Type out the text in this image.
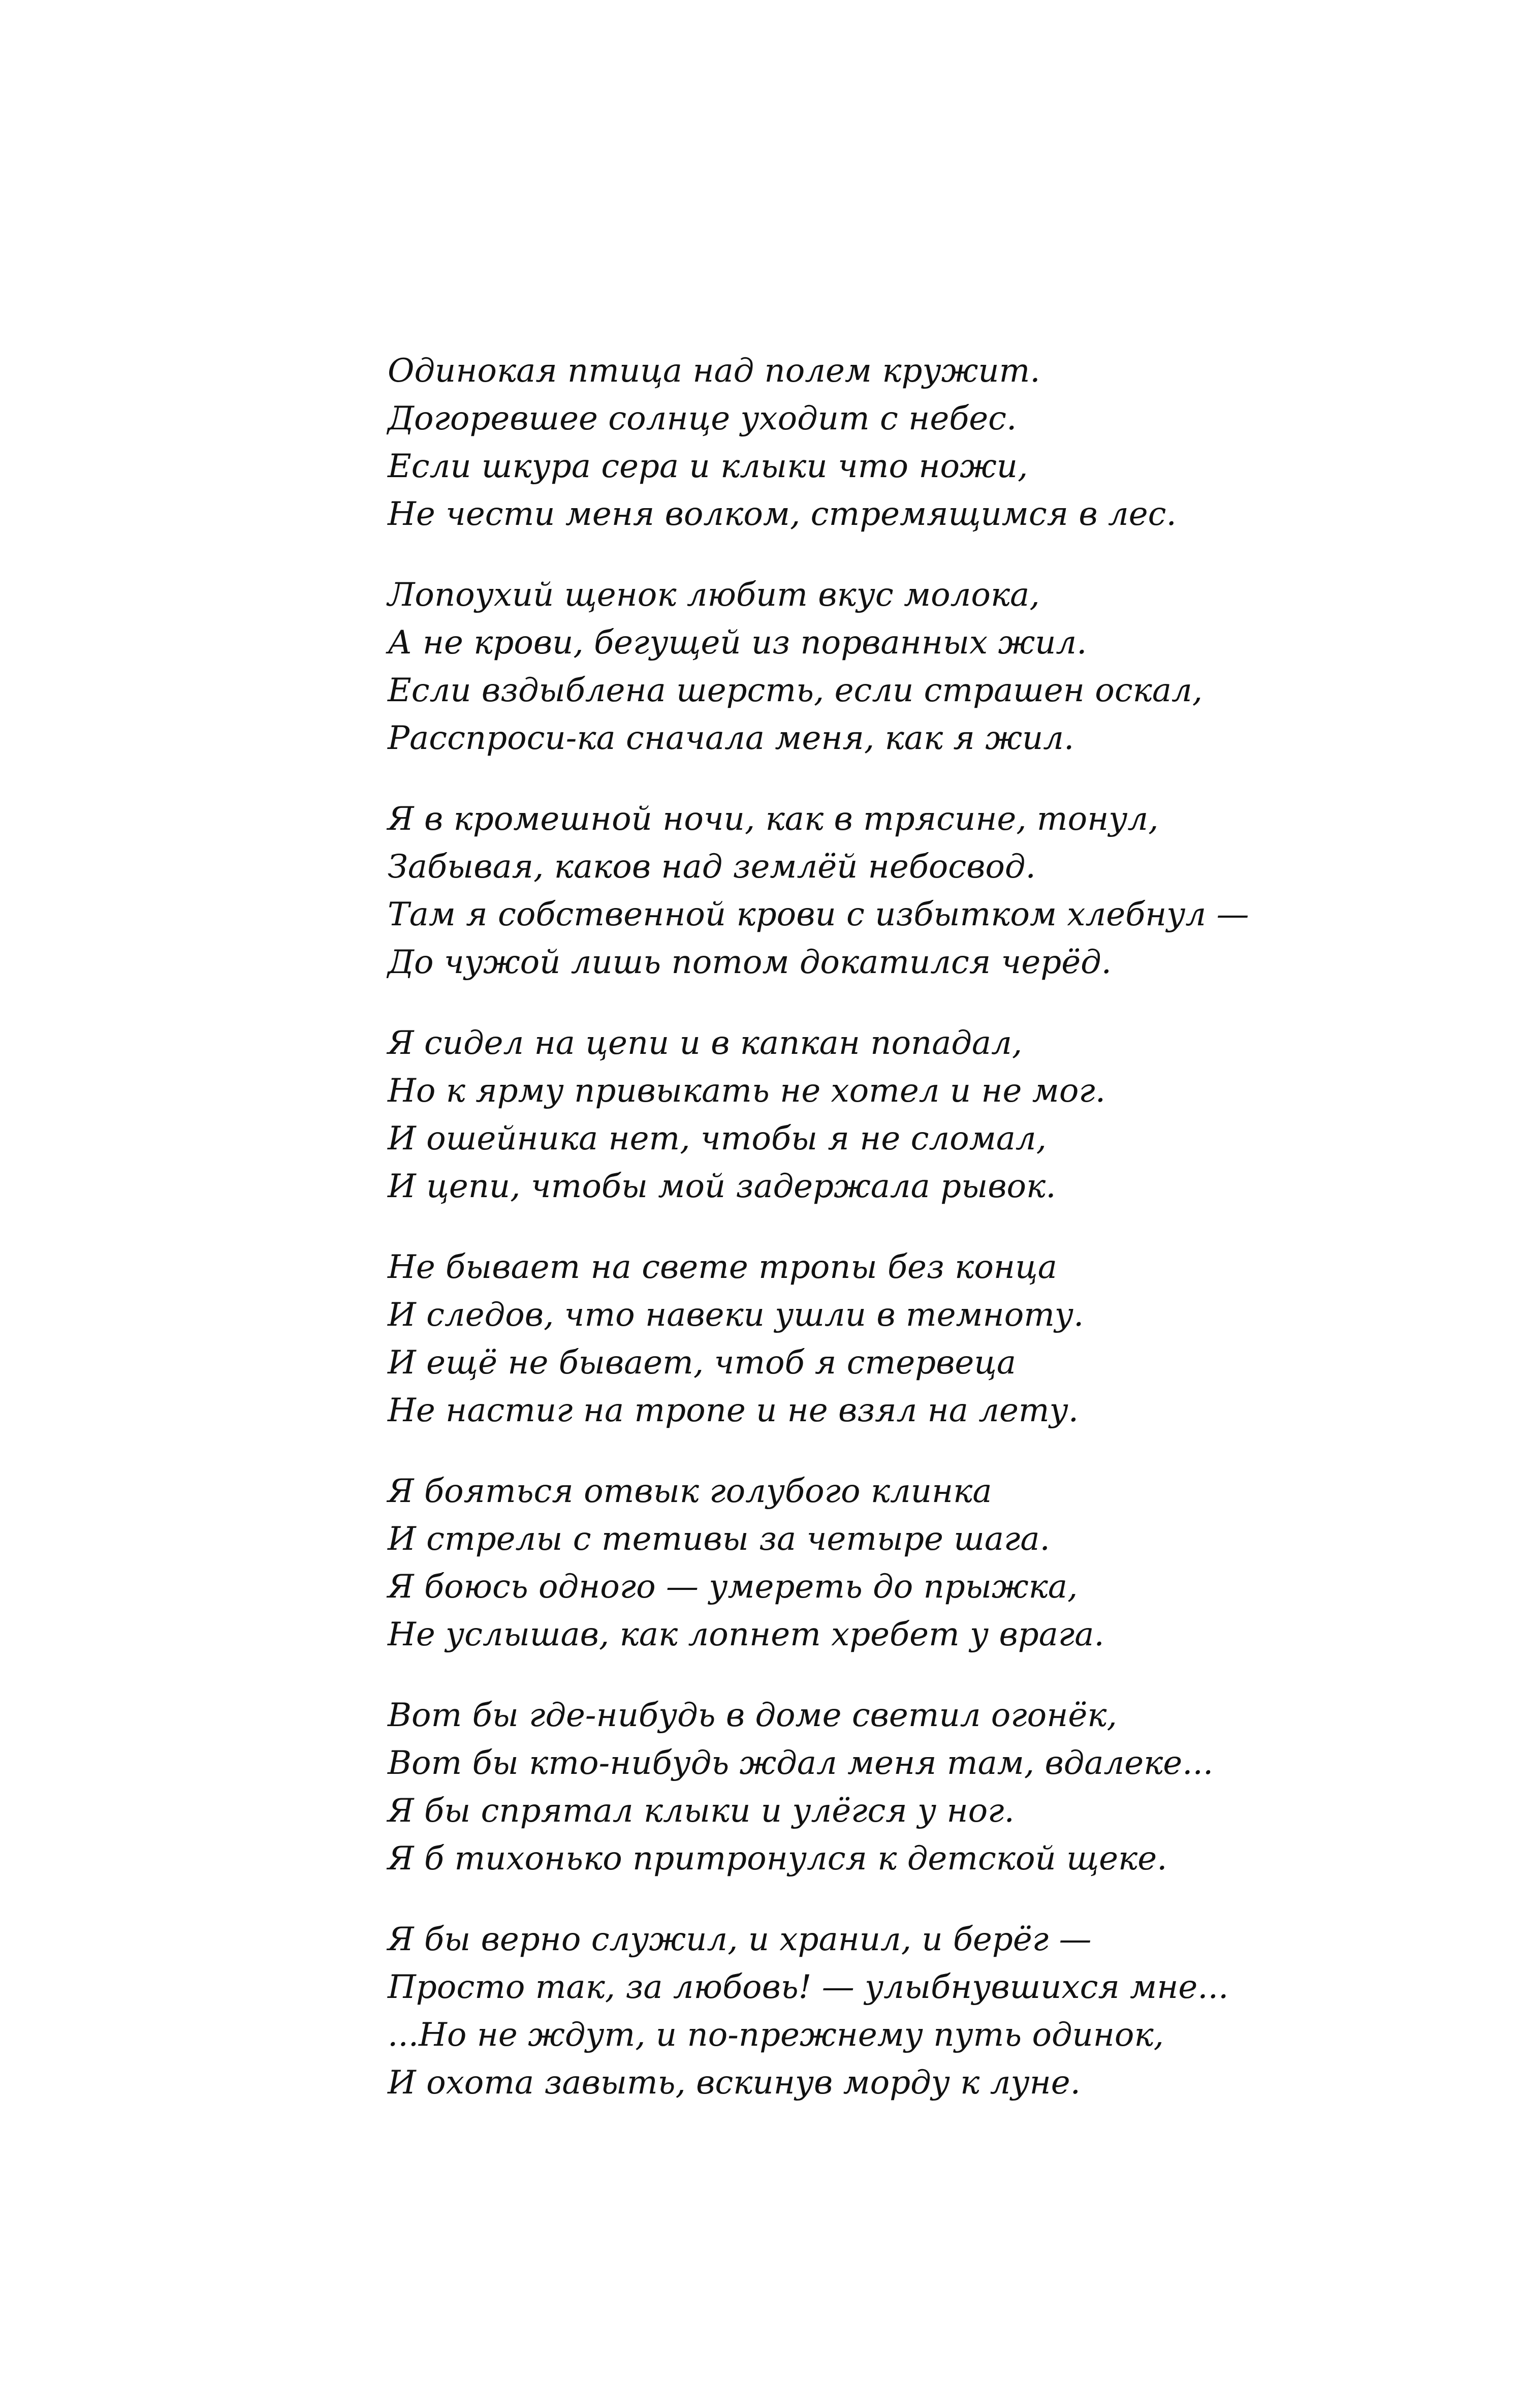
Одинокая птица над полем кружит.
Догоревшее солнце уходит с небес.
Если шкура сера и клыки что ножи,
Не чести меня волком, стремящимся в лес.
Лопоухий щенок любит вкус молока,
А не крови, бегущей из порванных жил.
Если вздыблена шерсть, если страшен оскал,
Расспроси-ка сначала меня, как я жил.
Я в кромешной ночи, как в трясине, тонул,
Забывая, каков над землёй небосвод.
Там я собственной крови с избытком хлебнул —
До чужой лишь потом докатился черёд.
Я сидел на цепи и в капкан попадал,
Но к ярму привыкать не хотел и не мог.
И ошейника нет, чтобы я не сломал,
И цепи, чтобы мой задержала рывок.
Не бывает на свете тропы без конца
И следов, что навеки ушли в темноту.
И ещё не бывает, чтоб я стервеца
Не настиг на тропе и не взял на лету.
Я бояться отвык голубого клинка
И стрелы с тетивы за четыре шага.
Я боюсь одного — умереть до прыжка,
Не услышав, как лопнет хребет у врага.
Вот бы где-нибудь в доме светил огонёк,
Вот бы кто-нибудь ждал меня там, вдалеке...
Я бы спрятал клыки и улёгся у ног.
Я б тихонько притронулся к детской щеке.
Я бы верно служил, и хранил, и берёг —
Просто так, за любовь! — улыбнувшихся мне...
...Но не ждут, и по-прежнему путь одинок,
И охота завыть, вскинув морду к луне.
